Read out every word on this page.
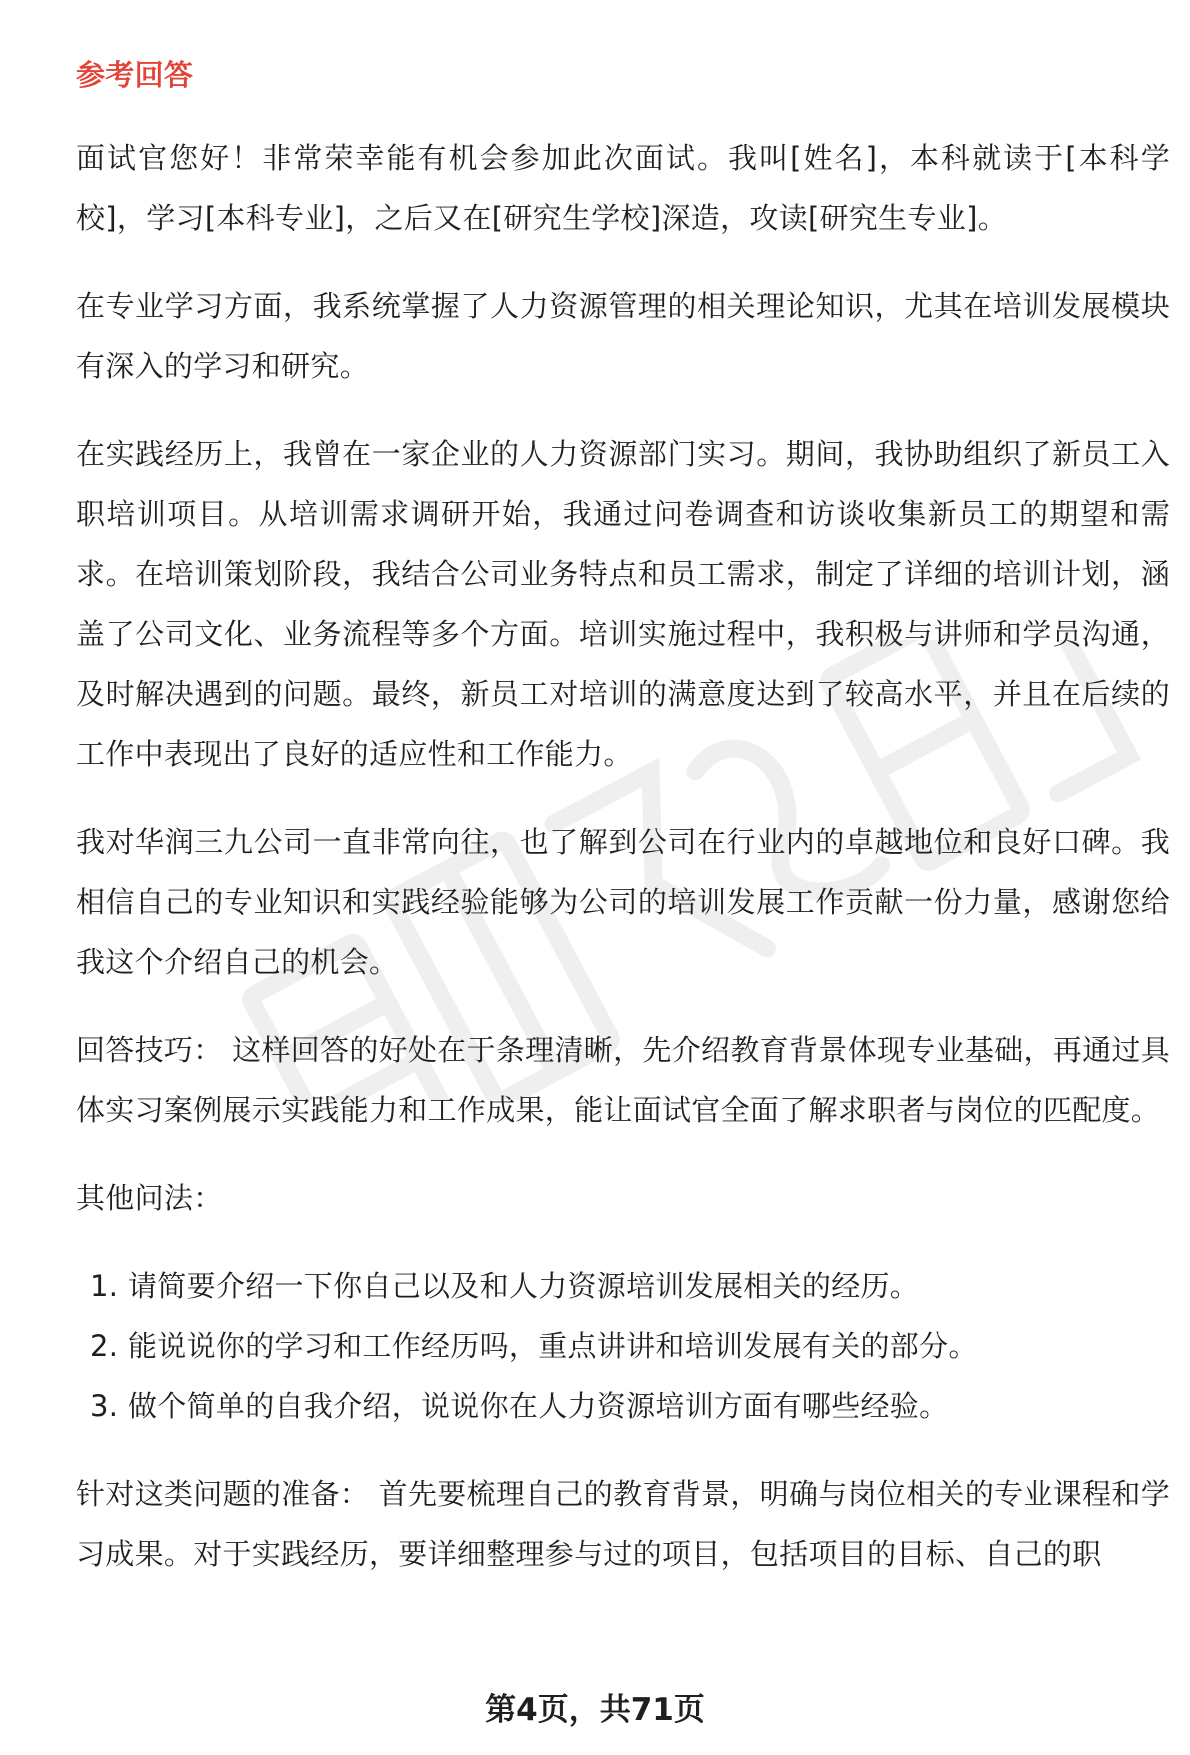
参考回答

面试官您好！非常荣幸能有机会参加此次面试。我叫[姓名]，本科就读于[本科学校]，学习[本科专业]，之后又在[研究生学校]深造，攻读[研究生专业]。

在专业学习方面，我系统掌握了人力资源管理的相关理论知识，尤其在培训发展模块有深入的学习和研究。

在实践经历上，我曾在一家企业的人力资源部门实习。期间，我协助组织了新员工入职培训项目。从培训需求调研开始，我通过问卷调查和访谈收集新员工的期望和需求。在培训策划阶段，我结合公司业务特点和员工需求，制定了详细的培训计划，涵盖了公司文化、业务流程等多个方面。培训实施过程中，我积极与讲师和学员沟通，及时解决遇到的问题。最终，新员工对培训的满意度达到了较高水平，并且在后续的工作中表现出了良好的适应性和工作能力。

我对华润三九公司一直非常向往，也了解到公司在行业内的卓越地位和良好口碑。我相信自己的专业知识和实践经验能够为公司的培训发展工作贡献一份力量，感谢您给我这个介绍自己的机会。

回答技巧： 这样回答的好处在于条理清晰，先介绍教育背景体现专业基础，再通过具体实习案例展示实践能力和工作成果，能让面试官全面了解求职者与岗位的匹配度。

其他问法：

1. 请简要介绍一下你自己以及和人力资源培训发展相关的经历。
2. 能说说你的学习和工作经历吗，重点讲讲和培训发展有关的部分。
3. 做个简单的自我介绍，说说你在人力资源培训方面有哪些经验。

针对这类问题的准备： 首先要梳理自己的教育背景，明确与岗位相关的专业课程和学习成果。对于实践经历，要详细整理参与过的项目，包括项目的目标、自己的职

第4页，共71页
